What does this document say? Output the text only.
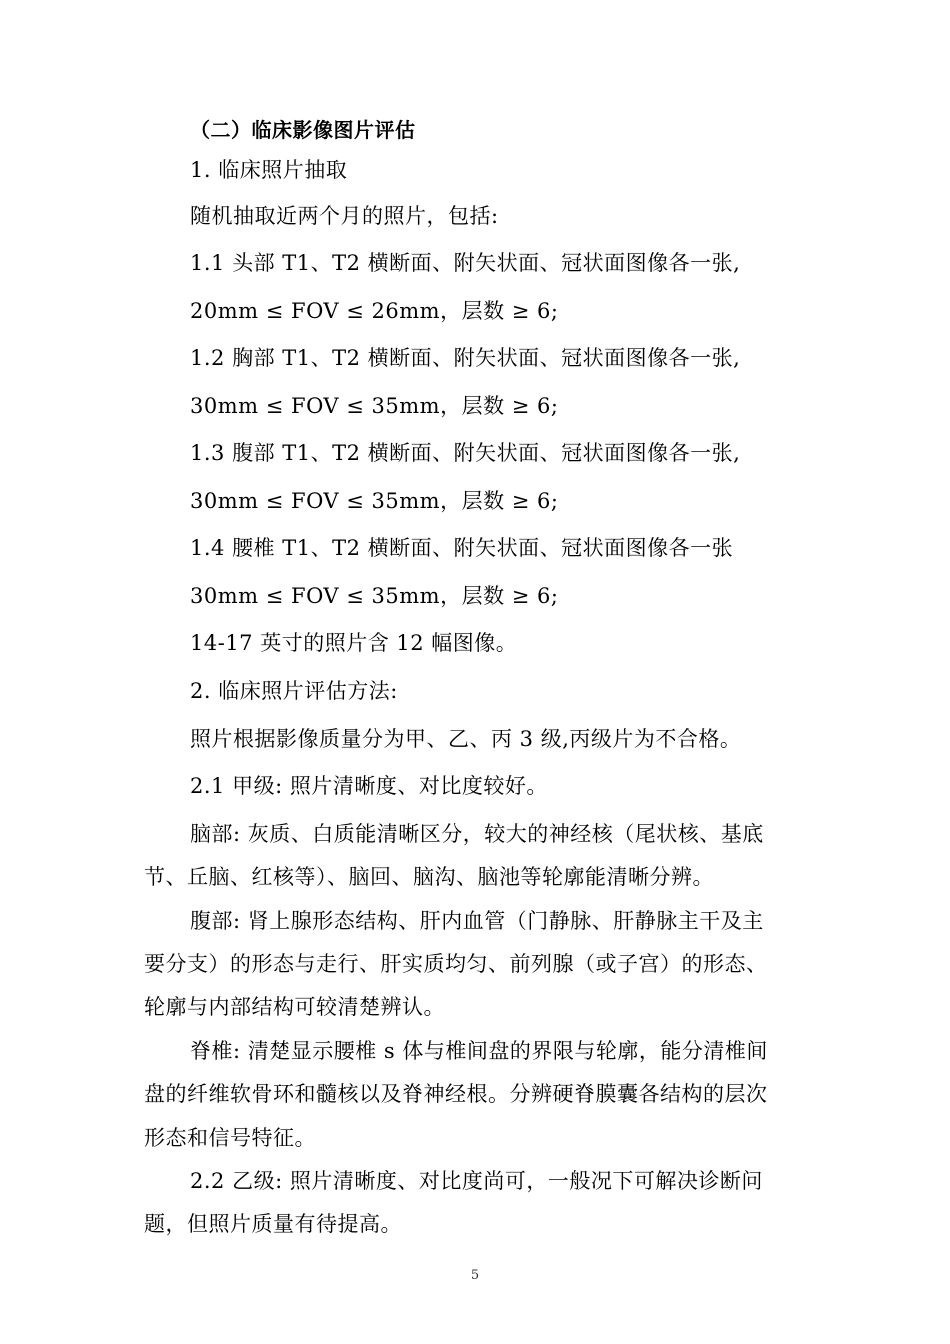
（二）临床影像图片评估
1. 临床照片抽取
随机抽取近两个月的照片，包括:
1.1 头部 T1、T2 横断面、附矢状面、冠状面图像各一张,
20mm ≤ FOV ≤ 26mm，层数 ≥ 6;
1.2 胸部 T1、T2 横断面、附矢状面、冠状面图像各一张,
30mm ≤ FOV ≤ 35mm，层数 ≥ 6;
1.3 腹部 T1、T2 横断面、附矢状面、冠状面图像各一张,
30mm ≤ FOV ≤ 35mm，层数 ≥ 6;
1.4 腰椎 T1、T2 横断面、附矢状面、冠状面图像各一张
30mm ≤ FOV ≤ 35mm，层数 ≥ 6;
14-17 英寸的照片含 12 幅图像。
2. 临床照片评估方法:
照片根据影像质量分为甲、乙、丙 3 级,丙级片为不合格。
2.1 甲级: 照片清晰度、对比度较好。
脑部: 灰质、白质能清晰区分，较大的神经核（尾状核、基底
节、丘脑、红核等）、脑回、脑沟、脑池等轮廓能清晰分辨。
腹部: 肾上腺形态结构、肝内血管（门静脉、肝静脉主干及主
要分支）的形态与走行、肝实质均匀、前列腺（或子宫）的形态、
轮廓与内部结构可较清楚辨认。
脊椎: 清楚显示腰椎 s 体与椎间盘的界限与轮廓，能分清椎间
盘的纤维软骨环和髓核以及脊神经根。分辨硬脊膜囊各结构的层次
形态和信号特征。
2.2 乙级: 照片清晰度、对比度尚可，一般况下可解决诊断问
题，但照片质量有待提高。
5
